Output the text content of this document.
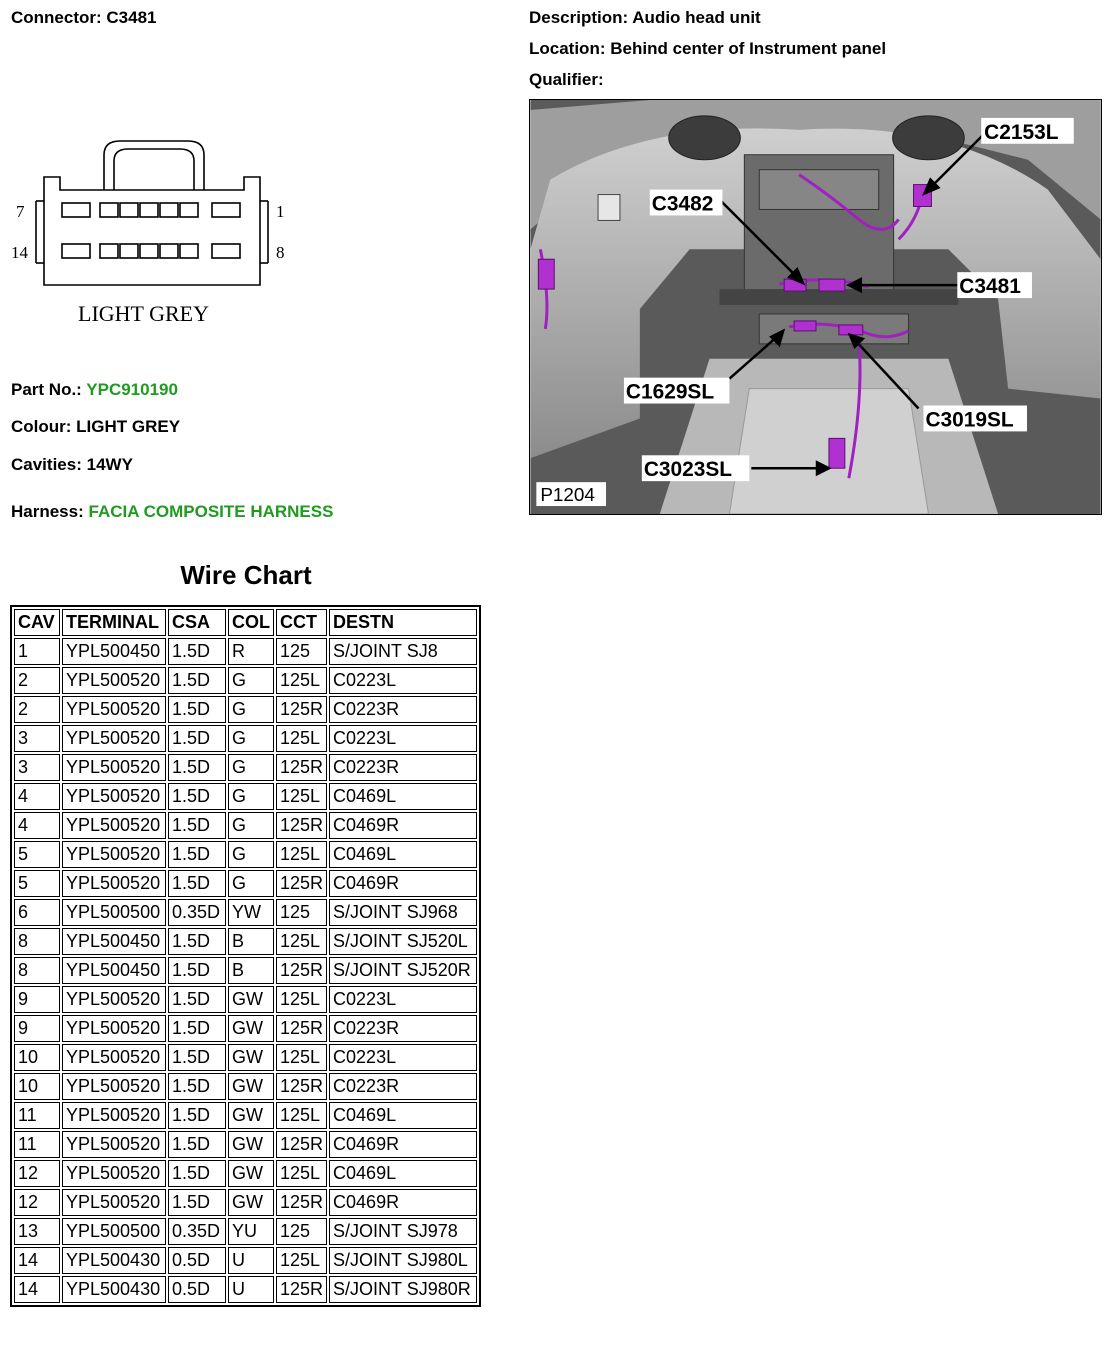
Connector: C3481	Description: Audio head unit
Location: Behind center of Instrument panel
Qualifier:
7	1
14	8
LIGHT GREY
Part No.: YPC910190
Colour: LIGHT GREY
Cavities: 14WY
Harness: FACIA COMPOSITE HARNESS
C2153L
C3482
C3481
C1629SL
C3019SL
C3023SL
P1204
Wire Chart
CAV	TERMINAL	CSA	COL	CCT	DESTN
1	YPL500450	1.5D	R	125	S/JOINT SJ8
2	YPL500520	1.5D	G	125L	C0223L
2	YPL500520	1.5D	G	125R	C0223R
3	YPL500520	1.5D	G	125L	C0223L
3	YPL500520	1.5D	G	125R	C0223R
4	YPL500520	1.5D	G	125L	C0469L
4	YPL500520	1.5D	G	125R	C0469R
5	YPL500520	1.5D	G	125L	C0469L
5	YPL500520	1.5D	G	125R	C0469R
6	YPL500500	0.35D	YW	125	S/JOINT SJ968
8	YPL500450	1.5D	B	125L	S/JOINT SJ520L
8	YPL500450	1.5D	B	125R	S/JOINT SJ520R
9	YPL500520	1.5D	GW	125L	C0223L
9	YPL500520	1.5D	GW	125R	C0223R
10	YPL500520	1.5D	GW	125L	C0223L
10	YPL500520	1.5D	GW	125R	C0223R
11	YPL500520	1.5D	GW	125L	C0469L
11	YPL500520	1.5D	GW	125R	C0469R
12	YPL500520	1.5D	GW	125L	C0469L
12	YPL500520	1.5D	GW	125R	C0469R
13	YPL500500	0.35D	YU	125	S/JOINT SJ978
14	YPL500430	0.5D	U	125L	S/JOINT SJ980L
14	YPL500430	0.5D	U	125R	S/JOINT SJ980R
